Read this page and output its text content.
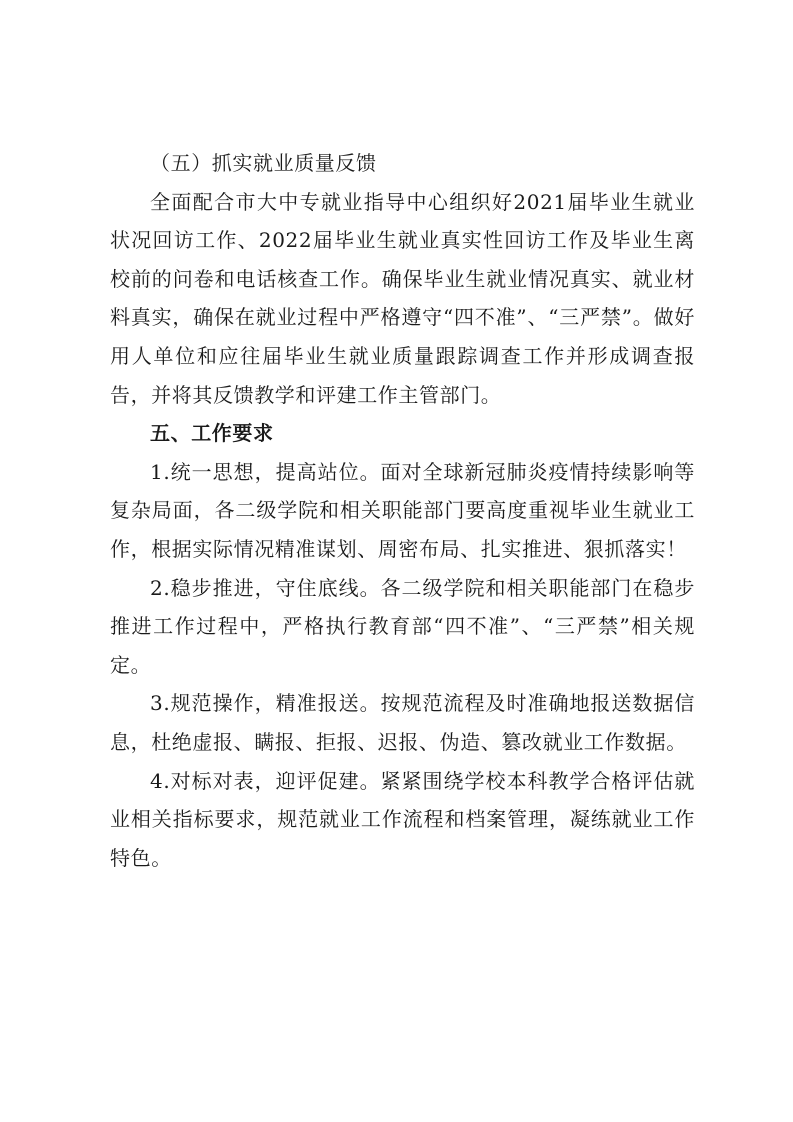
（五）抓实就业质量反馈

全面配合市大中专就业指导中心组织好2021届毕业生就业状况回访工作、2022届毕业生就业真实性回访工作及毕业生离校前的问卷和电话核查工作。确保毕业生就业情况真实、就业材料真实，确保在就业过程中严格遵守“四不准”、“三严禁”。做好用人单位和应往届毕业生就业质量跟踪调查工作并形成调查报告，并将其反馈教学和评建工作主管部门。

五、工作要求

1.统一思想，提高站位。面对全球新冠肺炎疫情持续影响等复杂局面，各二级学院和相关职能部门要高度重视毕业生就业工作，根据实际情况精准谋划、周密布局、扎实推进、狠抓落实！

2.稳步推进，守住底线。各二级学院和相关职能部门在稳步推进工作过程中，严格执行教育部“四不准”、“三严禁”相关规定。

3.规范操作，精准报送。按规范流程及时准确地报送数据信息，杜绝虚报、瞒报、拒报、迟报、伪造、篡改就业工作数据。

4.对标对表，迎评促建。紧紧围绕学校本科教学合格评估就业相关指标要求，规范就业工作流程和档案管理，凝练就业工作特色。
